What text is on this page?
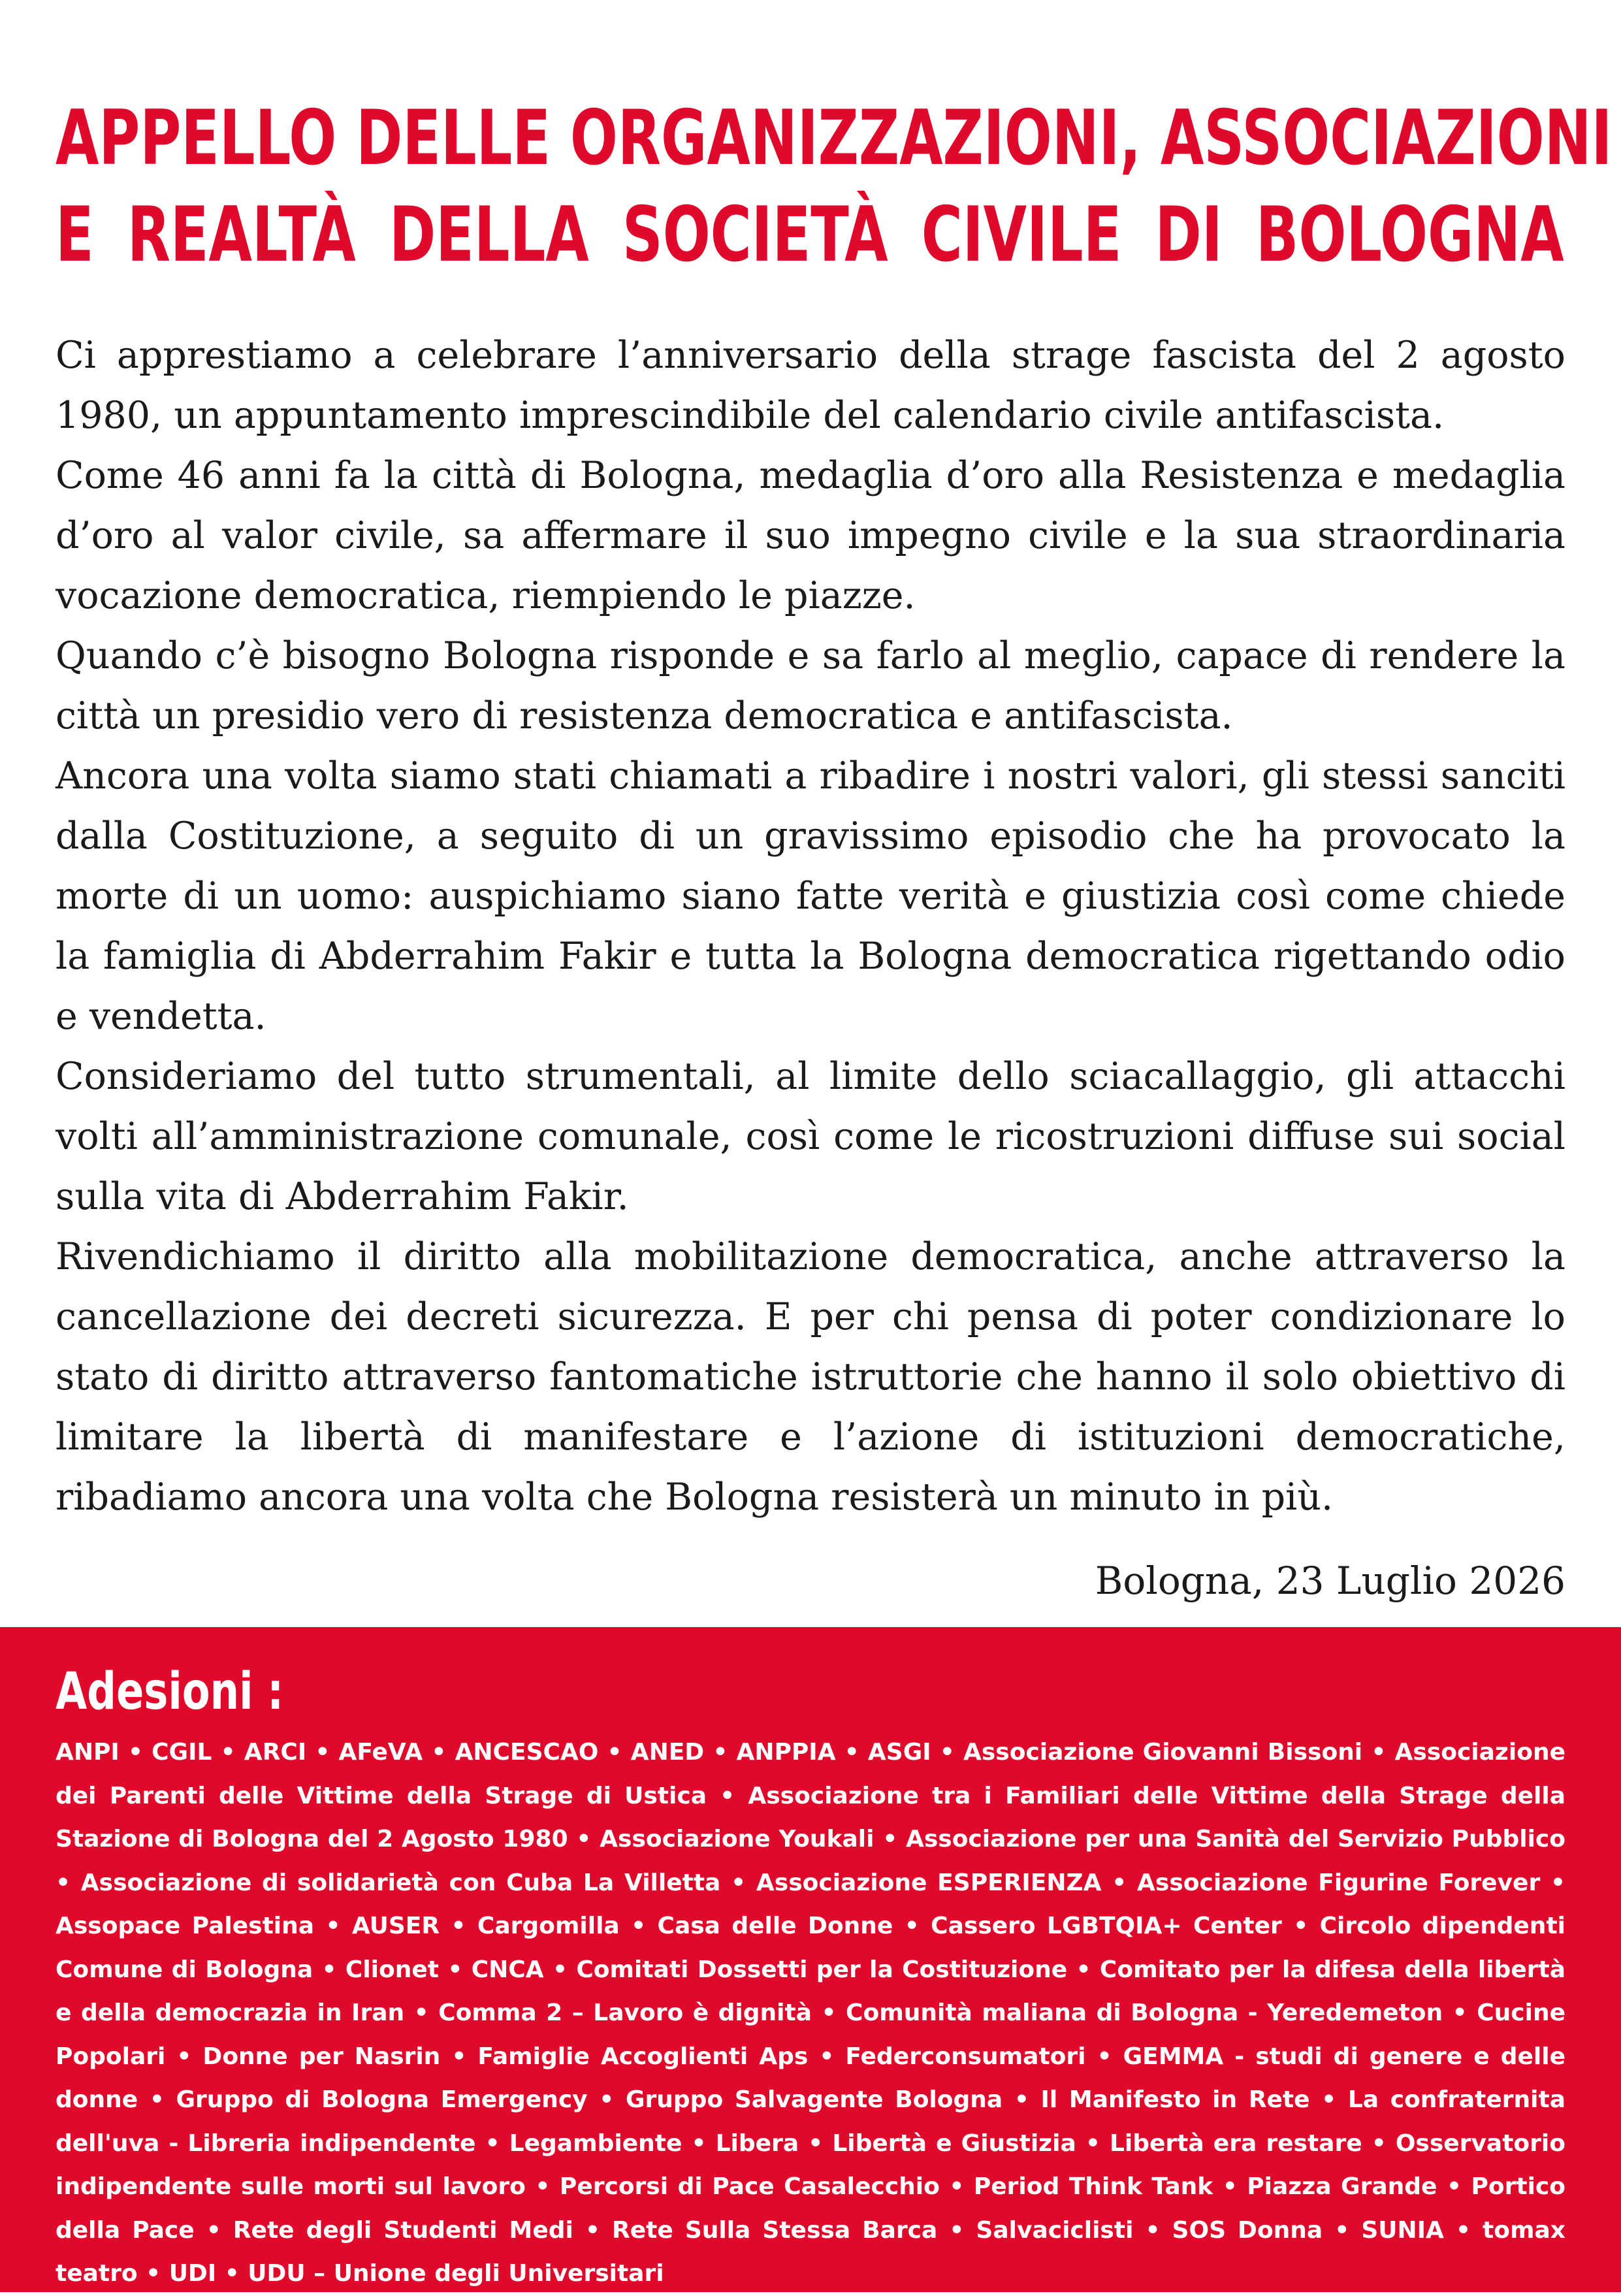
APPELLO DELLE ORGANIZZAZIONI, ASSOCIAZIONI
E REALTÀ DELLA SOCIETÀ CIVILE DI BOLOGNA

Ci apprestiamo a celebrare l’anniversario della strage fascista del 2 agosto 1980, un appuntamento imprescindibile del calendario civile antifascista.

Come 46 anni fa la città di Bologna, medaglia d’oro alla Resistenza e medaglia d’oro al valor civile, sa affermare il suo impegno civile e la sua straordinaria vocazione democratica, riempiendo le piazze.

Quando c’è bisogno Bologna risponde e sa farlo al meglio, capace di rendere la città un presidio vero di resistenza democratica e antifascista.

Ancora una volta siamo stati chiamati a ribadire i nostri valori, gli stessi sanciti dalla Costituzione, a seguito di un gravissimo episodio che ha provocato la morte di un uomo: auspichiamo siano fatte verità e giustizia così come chiede la famiglia di Abderrahim Fakir e tutta la Bologna democratica rigettando odio e vendetta.

Consideriamo del tutto strumentali, al limite dello sciacallaggio, gli attacchi volti all’amministrazione comunale, così come le ricostruzioni diffuse sui social sulla vita di Abderrahim Fakir.

Rivendichiamo il diritto alla mobilitazione democratica, anche attraverso la cancellazione dei decreti sicurezza. E per chi pensa di poter condizionare lo stato di diritto attraverso fantomatiche istruttorie che hanno il solo obiettivo di limitare la libertà di manifestare e l’azione di istituzioni democratiche, ribadiamo ancora una volta che Bologna resisterà un minuto in più.

Bologna, 23 Luglio 2026
Adesioni :

ANPI • CGIL • ARCI • AFeVA • ANCESCAO • ANED • ANPPIA • ASGI • Associazione Giovanni Bissoni • Associazione dei Parenti delle Vittime della Strage di Ustica • Associazione tra i Familiari delle Vittime della Strage della Stazione di Bologna del 2 Agosto 1980 • Associazione Youkali • Associazione per una Sanità del Servizio Pubblico • Associazione di solidarietà con Cuba La Villetta • Associazione ESPERIENZA • Associazione Figurine Forever • Assopace Palestina • AUSER • Cargomilla • Casa delle Donne • Cassero LGBTQIA+ Center • Circolo dipendenti Comune di Bologna • Clionet • CNCA • Comitati Dossetti per la Costituzione • Comitato per la difesa della libertà e della democrazia in Iran • Comma 2 – Lavoro è dignità • Comunità maliana di Bologna - Yeredemeton • Cucine Popolari • Donne per Nasrin • Famiglie Accoglienti Aps • Federconsumatori • GEMMA - studi di genere e delle donne • Gruppo di Bologna Emergency • Gruppo Salvagente Bologna • Il Manifesto in Rete • La confraternita dell'uva - Libreria indipendente • Legambiente • Libera • Libertà e Giustizia • Libertà era restare • Osservatorio indipendente sulle morti sul lavoro • Percorsi di Pace Casalecchio • Period Think Tank • Piazza Grande • Portico della Pace • Rete degli Studenti Medi • Rete Sulla Stessa Barca • Salvaciclisti • SOS Donna • SUNIA • tomax teatro • UDI • UDU – Unione degli Universitari
